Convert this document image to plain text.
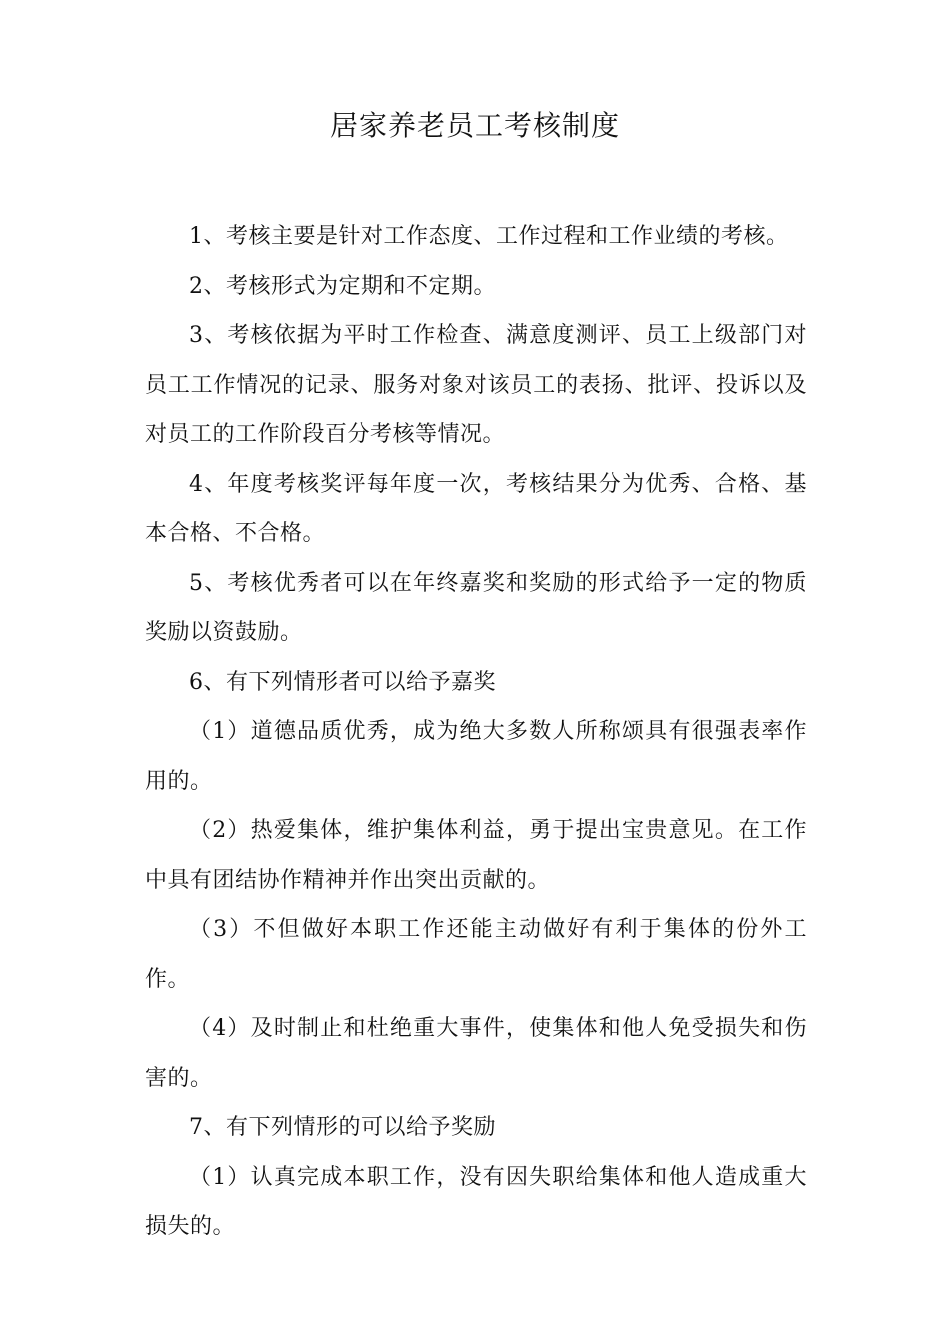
居家养老员工考核制度

1、考核主要是针对工作态度、工作过程和工作业绩的考核。

2、考核形式为定期和不定期。

3、考核依据为平时工作检查、满意度测评、员工上级部门对员工工作情况的记录、服务对象对该员工的表扬、批评、投诉以及对员工的工作阶段百分考核等情况。

4、年度考核奖评每年度一次，考核结果分为优秀、合格、基本合格、不合格。

5、考核优秀者可以在年终嘉奖和奖励的形式给予一定的物质奖励以资鼓励。

6、有下列情形者可以给予嘉奖

（1）道德品质优秀，成为绝大多数人所称颂具有很强表率作用的。

（2）热爱集体，维护集体利益，勇于提出宝贵意见。在工作中具有团结协作精神并作出突出贡献的。

（3）不但做好本职工作还能主动做好有利于集体的份外工作。

（4）及时制止和杜绝重大事件，使集体和他人免受损失和伤害的。

7、有下列情形的可以给予奖励

（1）认真完成本职工作，没有因失职给集体和他人造成重大损失的。
